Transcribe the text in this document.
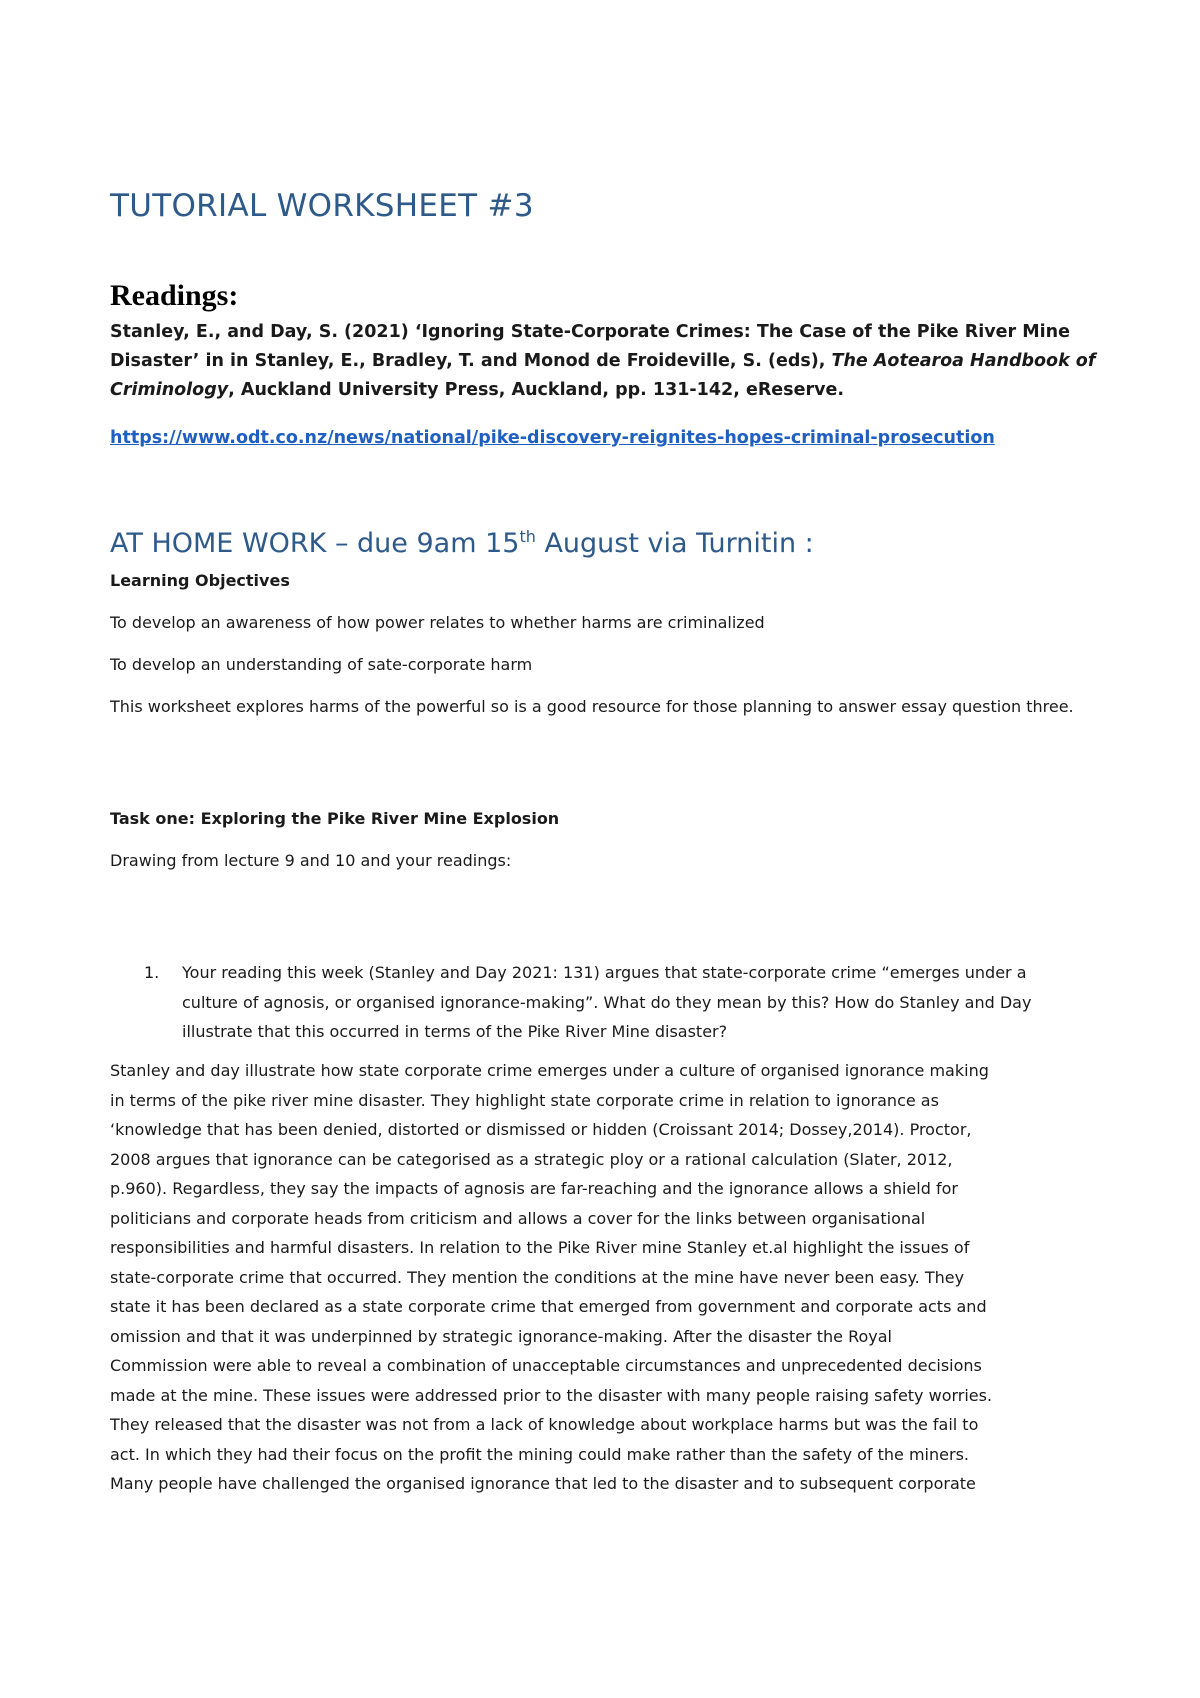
TUTORIAL WORKSHEET #3
Readings:

Stanley, E., and Day, S. (2021) ‘Ignoring State-Corporate Crimes: The Case of the Pike River Mine Disaster’ in in Stanley, E., Bradley, T. and Monod de Froideville, S. (eds), The Aotearoa Handbook of Criminology, Auckland University Press, Auckland, pp. 131-142, eReserve.

https://www.odt.co.nz/news/national/pike-discovery-reignites-hopes-criminal-prosecution
AT HOME WORK – due 9am 15th August via Turnitin :

Learning Objectives

To develop an awareness of how power relates to whether harms are criminalized

To develop an understanding of sate-corporate harm

This worksheet explores harms of the powerful so is a good resource for those planning to answer essay question three.

Task one: Exploring the Pike River Mine Explosion

Drawing from lecture 9 and 10 and your readings:

1. Your reading this week (Stanley and Day 2021: 131) argues that state-corporate crime “emerges under a culture of agnosis, or organised ignorance-making”. What do they mean by this? How do Stanley and Day illustrate that this occurred in terms of the Pike River Mine disaster?

Stanley and day illustrate how state corporate crime emerges under a culture of organised ignorance making
in terms of the pike river mine disaster. They highlight state corporate crime in relation to ignorance as
‘knowledge that has been denied, distorted or dismissed or hidden (Croissant 2014; Dossey,2014). Proctor,
2008 argues that ignorance can be categorised as a strategic ploy or a rational calculation (Slater, 2012,
p.960). Regardless, they say the impacts of agnosis are far-reaching and the ignorance allows a shield for
politicians and corporate heads from criticism and allows a cover for the links between organisational
responsibilities and harmful disasters. In relation to the Pike River mine Stanley et.al highlight the issues of
state-corporate crime that occurred. They mention the conditions at the mine have never been easy. They
state it has been declared as a state corporate crime that emerged from government and corporate acts and
omission and that it was underpinned by strategic ignorance-making. After the disaster the Royal
Commission were able to reveal a combination of unacceptable circumstances and unprecedented decisions
made at the mine. These issues were addressed prior to the disaster with many people raising safety worries.
They released that the disaster was not from a lack of knowledge about workplace harms but was the fail to
act. In which they had their focus on the profit the mining could make rather than the safety of the miners.
Many people have challenged the organised ignorance that led to the disaster and to subsequent corporate
